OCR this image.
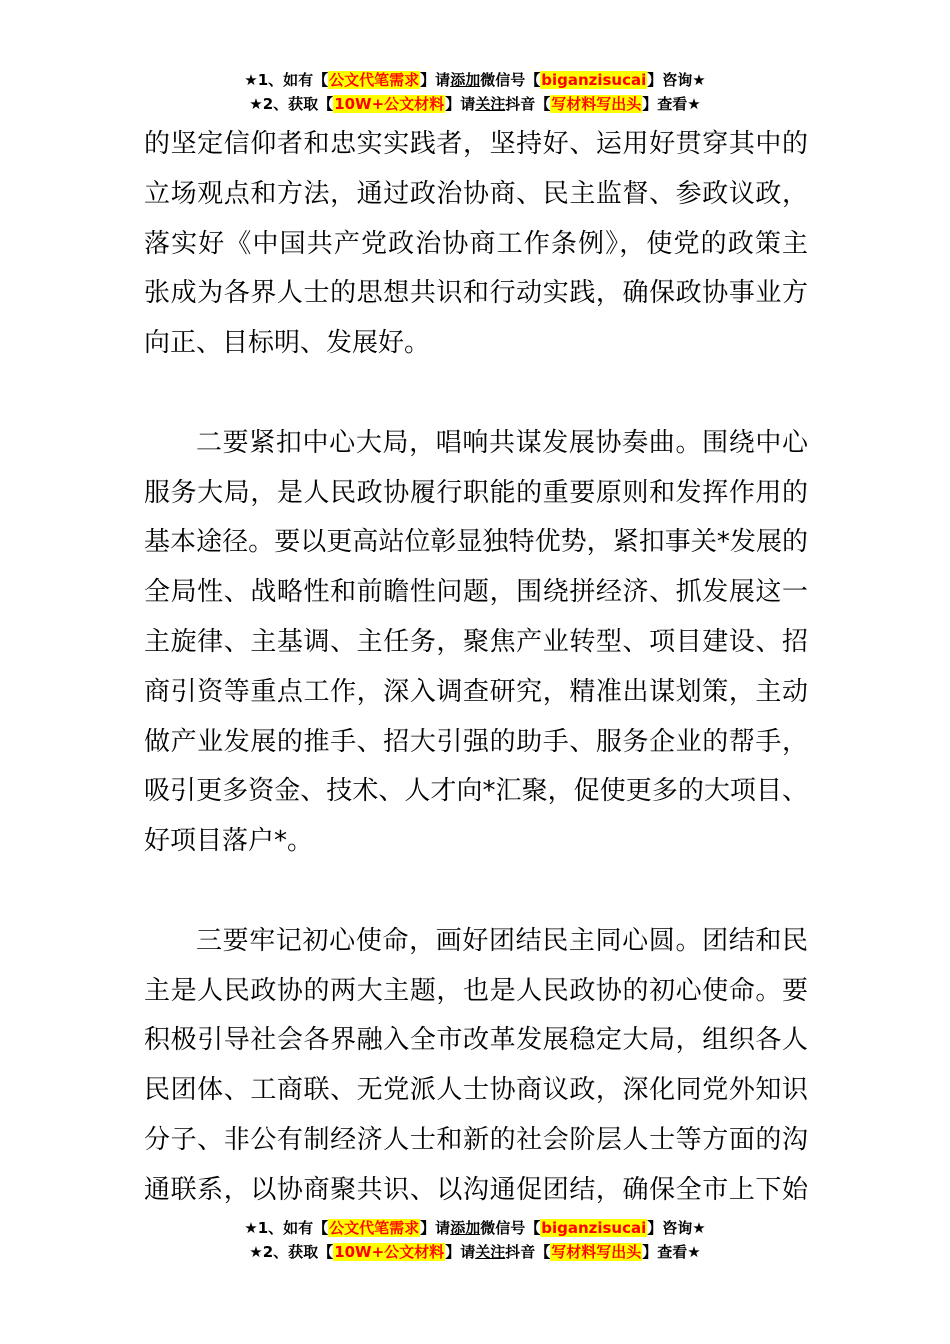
★1、如有【公文代笔需求】请添加微信号【biganzisucai】咨询★
★2、获取【10W+公文材料】请关注抖音【写材料写出头】查看★
的坚定信仰者和忠实实践者，坚持好、运用好贯穿其中的
立场观点和方法，通过政治协商、民主监督、参政议政，
落实好《中国共产党政治协商工作条例》，使党的政策主
张成为各界人士的思想共识和行动实践，确保政协事业方
向正、目标明、发展好。
二要紧扣中心大局，唱响共谋发展协奏曲。围绕中心
服务大局，是人民政协履行职能的重要原则和发挥作用的
基本途径。要以更高站位彰显独特优势，紧扣事关*发展的
全局性、战略性和前瞻性问题，围绕拼经济、抓发展这一
主旋律、主基调、主任务，聚焦产业转型、项目建设、招
商引资等重点工作，深入调查研究，精准出谋划策，主动
做产业发展的推手、招大引强的助手、服务企业的帮手，
吸引更多资金、技术、人才向*汇聚，促使更多的大项目、
好项目落户*。
三要牢记初心使命，画好团结民主同心圆。团结和民
主是人民政协的两大主题，也是人民政协的初心使命。要
积极引导社会各界融入全市改革发展稳定大局，组织各人
民团体、工商联、无党派人士协商议政，深化同党外知识
分子、非公有制经济人士和新的社会阶层人士等方面的沟
通联系，以协商聚共识、以沟通促团结，确保全市上下始
★1、如有【公文代笔需求】请添加微信号【biganzisucai】咨询★
★2、获取【10W+公文材料】请关注抖音【写材料写出头】查看★
